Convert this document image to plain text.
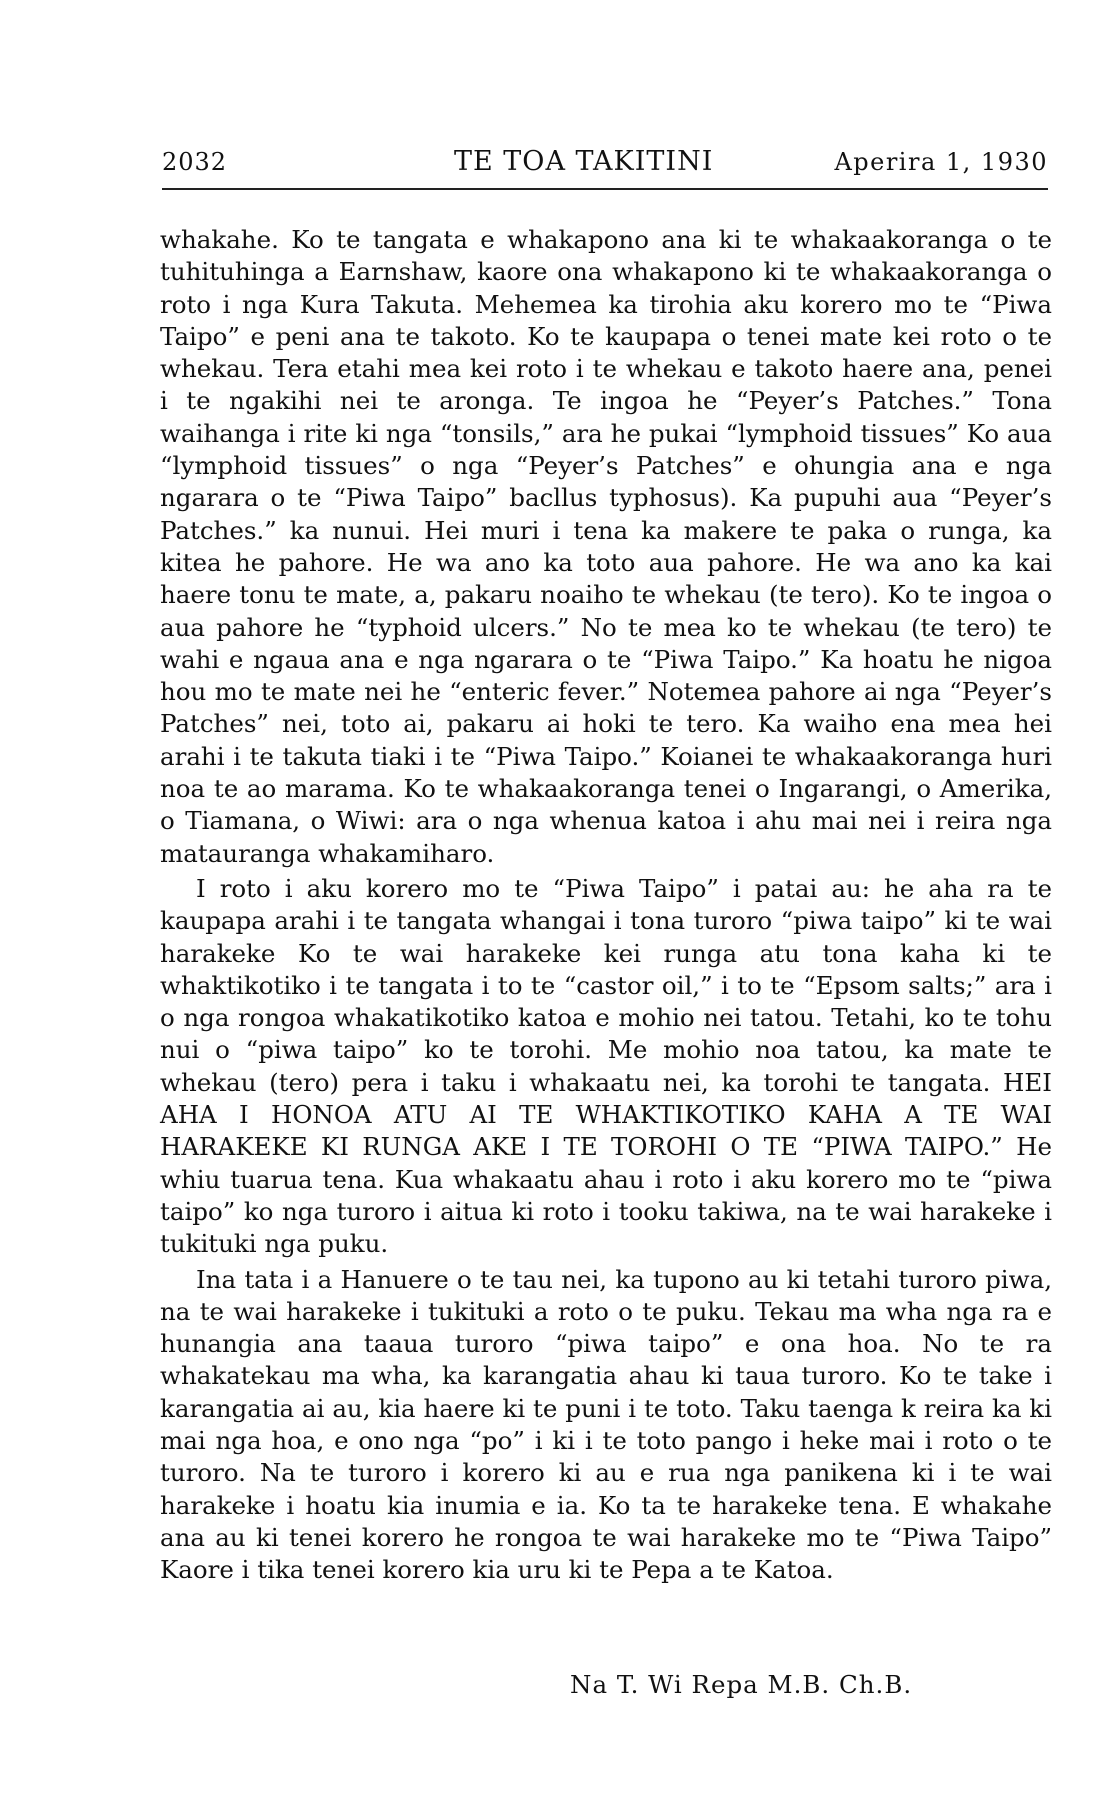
2032	TE TOA TAKITINI	Aperira 1, 1930

whakahe. Ko te tangata e whakapono ana ki te whakaakoranga o te tuhituhinga a Earnshaw, kaore ona whakapono ki te whakaakoranga o roto i nga Kura Takuta. Mehemea ka tirohia aku korero mo te “Piwa Taipo” e peni ana te takoto. Ko te kaupapa o tenei mate kei roto o te whekau. Tera etahi mea kei roto i te whekau e takoto haere ana, penei i te ngakihi nei te aronga. Te ingoa he “Peyer’s Patches.” Tona waihanga i rite ki nga “tonsils,” ara he pukai “lymphoid tissues” Ko aua “lymphoid tissues” o nga “Peyer’s Patches” e ohungia ana e nga ngarara o te “Piwa Taipo” bacllus typhosus). Ka pupuhi aua “Peyer’s Patches.” ka nunui. Hei muri i tena ka makere te paka o runga, ka kitea he pahore. He wa ano ka toto aua pahore. He wa ano ka kai haere tonu te mate, a, pakaru noaiho te whekau (te tero). Ko te ingoa o aua pahore he “typhoid ulcers.” No te mea ko te whekau (te tero) te wahi e ngaua ana e nga ngarara o te “Piwa Taipo.” Ka hoatu he nigoa hou mo te mate nei he “enteric fever.” Notemea pahore ai nga “Peyer’s Patches” nei, toto ai, pakaru ai hoki te tero. Ka waiho ena mea hei arahi i te takuta tiaki i te “Piwa Taipo.” Koianei te whakaakoranga huri noa te ao marama. Ko te whakaakoranga tenei o Ingarangi, o Amerika, o Tiamana, o Wiwi: ara o nga whenua katoa i ahu mai nei i reira nga matauranga whakamiharo.

I roto i aku korero mo te “Piwa Taipo” i patai au: he aha ra te kaupapa arahi i te tangata whangai i tona turoro “piwa taipo” ki te wai harakeke Ko te wai harakeke kei runga atu tona kaha ki te whaktikotiko i te tangata i to te “castor oil,” i to te “Epsom salts;” ara i o nga rongoa whakatikotiko katoa e mohio nei tatou. Tetahi, ko te tohu nui o “piwa taipo” ko te torohi. Me mohio noa tatou, ka mate te whekau (tero) pera i taku i whakaatu nei, ka torohi te tangata. HEI AHA I HONOA ATU AI TE WHAKTIKOTIKO KAHA A TE WAI HARAKEKE KI RUNGA AKE I TE TOROHI O TE “PIWA TAIPO.” He whiu tuarua tena. Kua whakaatu ahau i roto i aku korero mo te “piwa taipo” ko nga turoro i aitua ki roto i tooku takiwa, na te wai harakeke i tukituki nga puku.

Ina tata i a Hanuere o te tau nei, ka tupono au ki tetahi turoro piwa, na te wai harakeke i tukituki a roto o te puku. Tekau ma wha nga ra e hunangia ana taaua turoro “piwa taipo” e ona hoa. No te ra whakatekau ma wha, ka karangatia ahau ki taua turoro. Ko te take i karangatia ai au, kia haere ki te puni i te toto. Taku taenga k reira ka ki mai nga hoa, e ono nga “po” i ki i te toto pango i heke mai i roto o te turoro. Na te turoro i korero ki au e rua nga panikena ki i te wai harakeke i hoatu kia inumia e ia. Ko ta te harakeke tena. E whakahe ana au ki tenei korero he rongoa te wai harakeke mo te “Piwa Taipo” Kaore i tika tenei korero kia uru ki te Pepa a te Katoa.

Na T. Wi Repa M.B. Ch.B.
